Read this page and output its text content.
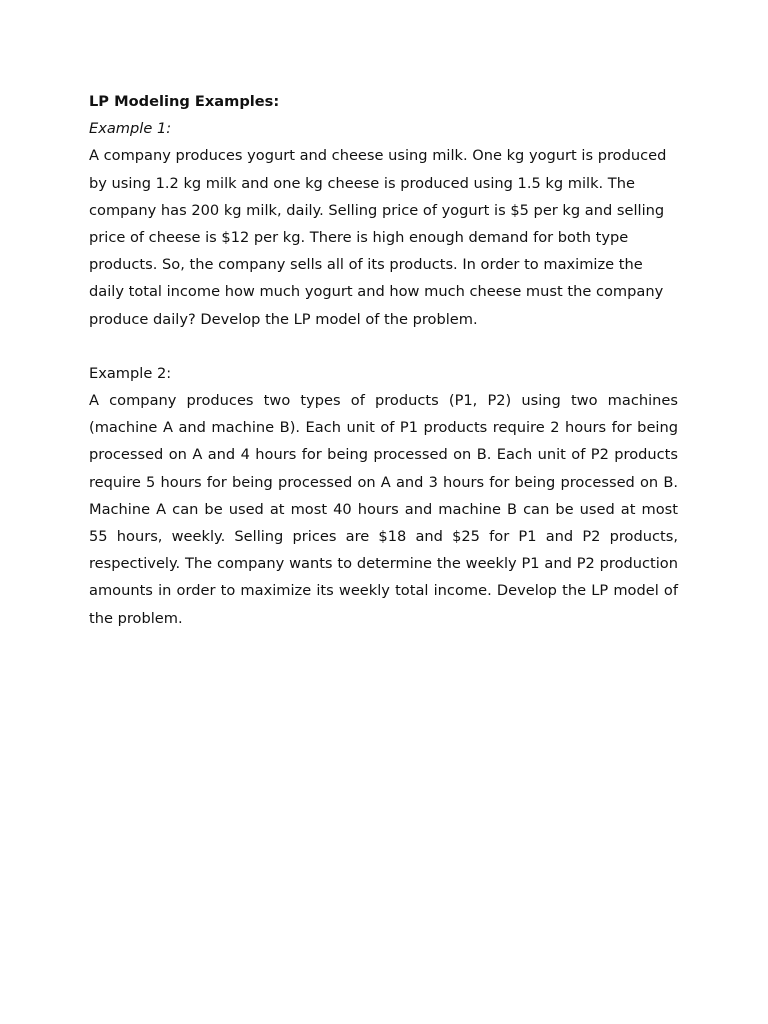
LP Modeling Examples:

Example 1:

A company produces yogurt and cheese using milk. One kg yogurt is produced by using 1.2 kg milk and one kg cheese is produced using 1.5 kg milk. The company has 200 kg milk, daily. Selling price of yogurt is $5 per kg and selling price of cheese is $12 per kg. There is high enough demand for both type products. So, the company sells all of its products. In order to maximize the daily total income how much yogurt and how much cheese must the company produce daily? Develop the LP model of the problem.

Example 2:

A company produces two types of products (P1, P2) using two machines (machine A and machine B). Each unit of P1 products require 2 hours for being processed on A and 4 hours for being processed on B. Each unit of P2 products require 5 hours for being processed on A and 3 hours for being processed on B. Machine A can be used at most 40 hours and machine B can be used at most 55 hours, weekly. Selling prices are $18 and $25 for P1 and P2 products, respectively. The company wants to determine the weekly P1 and P2 production amounts in order to maximize its weekly total income. Develop the LP model of the problem.
